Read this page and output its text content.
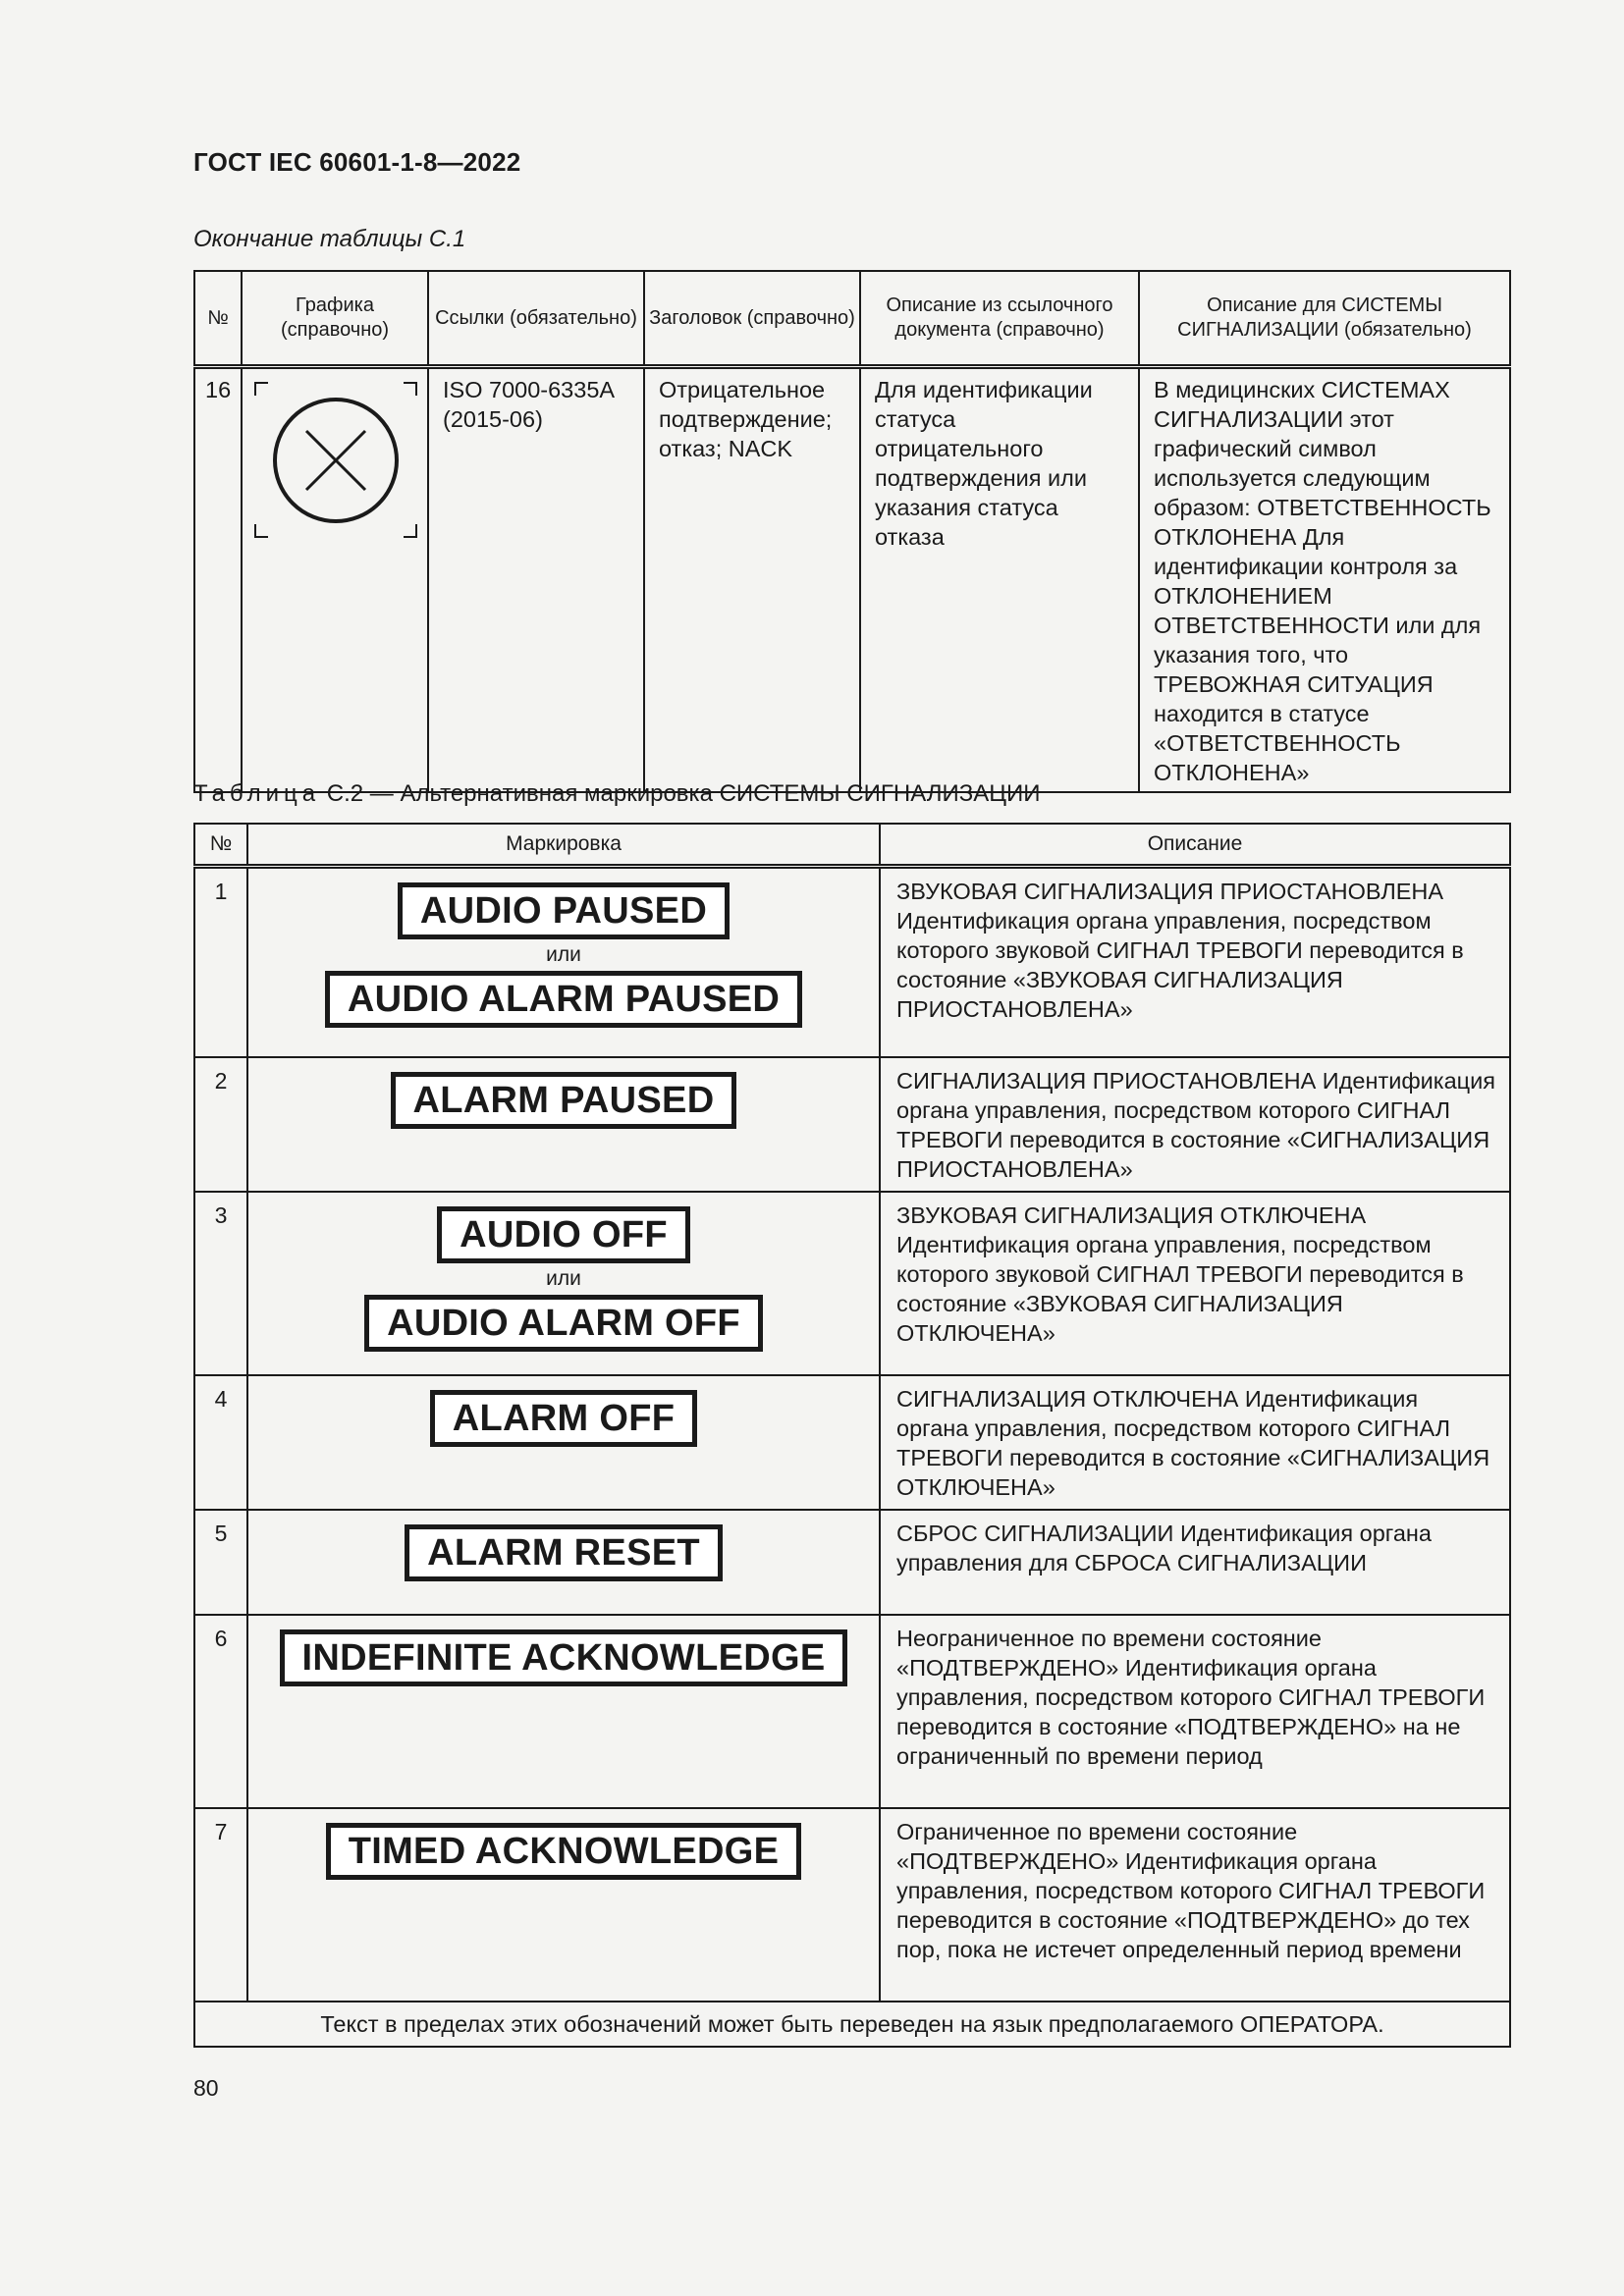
ГОСТ IEC 60601-1-8—2022
Окончание таблицы С.1
№	Графика (справочно)	Ссылки (обязательно)	Заголовок (справочно)	Описание из ссылочного документа (справочно)	Описание для СИСТЕМЫ СИГНАЛИЗАЦИИ (обязательно)
16		ISO 7000-6335A (2015-06)	Отрицательное подтверждение; отказ; NACK	Для идентификации статуса отрицательного подтверждения или указания статуса отказа	В медицинских СИСТЕМАХ СИГНАЛИЗАЦИИ этот графический символ используется следующим образом: ОТВЕТСТВЕННОСТЬ ОТКЛОНЕНА Для идентификации контроля за ОТКЛОНЕНИЕМ ОТВЕТСТВЕННОСТИ или для указания того, что ТРЕВОЖНАЯ СИТУАЦИЯ находится в статусе «ОТВЕТСТВЕННОСТЬ ОТКЛОНЕНА»
Таблица С.2 — Альтернативная маркировка СИСТЕМЫ СИГНАЛИЗАЦИИ
№	Маркировка	Описание
1	AUDIO PAUSED
или
AUDIO ALARM PAUSED	ЗВУКОВАЯ СИГНАЛИЗАЦИЯ ПРИОСТАНОВЛЕНА Идентификация органа управления, посредством которого звуковой СИГНАЛ ТРЕВОГИ переводится в состояние «ЗВУКОВАЯ СИГНАЛИЗАЦИЯ ПРИОСТАНОВЛЕНА»
2	ALARM PAUSED	СИГНАЛИЗАЦИЯ ПРИОСТАНОВЛЕНА Идентификация органа управления, посредством которого СИГНАЛ ТРЕВОГИ переводится в состояние «СИГНАЛИЗАЦИЯ ПРИОСТАНОВЛЕНА»
3	AUDIO OFF
или
AUDIO ALARM OFF	ЗВУКОВАЯ СИГНАЛИЗАЦИЯ ОТКЛЮЧЕНА Идентификация органа управления, посредством которого звуковой СИГНАЛ ТРЕВОГИ переводится в состояние «ЗВУКОВАЯ СИГНАЛИЗАЦИЯ ОТКЛЮЧЕНА»
4	ALARM OFF	СИГНАЛИЗАЦИЯ ОТКЛЮЧЕНА Идентификация органа управления, посредством которого СИГНАЛ ТРЕВОГИ переводится в состояние «СИГНАЛИЗАЦИЯ ОТКЛЮЧЕНА»
5	ALARM RESET	СБРОС СИГНАЛИЗАЦИИ Идентификация органа управления для СБРОСА СИГНАЛИЗАЦИИ
6	INDEFINITE ACKNOWLEDGE	Неограниченное по времени состояние «ПОДТВЕРЖДЕНО» Идентификация органа управления, посредством которого СИГНАЛ ТРЕВОГИ переводится в состояние «ПОДТВЕРЖДЕНО» на не ограниченный по времени период
7	TIMED ACKNOWLEDGE	Ограниченное по времени состояние «ПОДТВЕРЖДЕНО» Идентификация органа управления, посредством которого СИГНАЛ ТРЕВОГИ переводится в состояние «ПОДТВЕРЖДЕНО» до тех пор, пока не истечет определенный период времени
Текст в пределах этих обозначений может быть переведен на язык предполагаемого ОПЕРАТОРА.		
80
